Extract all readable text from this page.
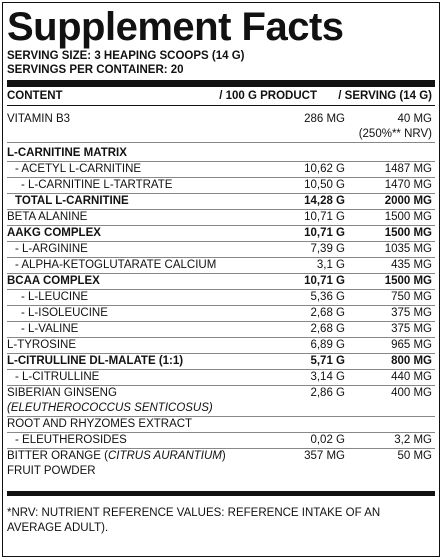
Supplement Facts
SERVING SIZE: 3 HEAPING SCOOPS (14 G)
SERVINGS PER CONTAINER: 20
CONTENT	/ 100 G PRODUCT	/ SERVING (14 G)
VITAMIN B3	286 MG	40 MG
(250%** NRV)
L-CARNITINE MATRIX
- ACETYL L-CARNITINE	10,62 G	1487 MG
- L-CARNITINE L-TARTRATE	10,50 G	1470 MG
TOTAL L-CARNITINE	14,28 G	2000 MG
BETA ALANINE	10,71 G	1500 MG
AAKG COMPLEX	10,71 G	1500 MG
- L-ARGININE	7,39 G	1035 MG
- ALPHA-KETOGLUTARATE CALCIUM	3,1 G	435 MG
BCAA COMPLEX	10,71 G	1500 MG
- L-LEUCINE	5,36 G	750 MG
- L-ISOLEUCINE	2,68 G	375 MG
- L-VALINE	2,68 G	375 MG
L-TYROSINE	6,89 G	965 MG
L-CITRULLINE DL-MALATE (1:1)	5,71 G	800 MG
- L-CITRULLINE	3,14 G	440 MG
SIBERIAN GINSENG	2,86 G	400 MG
(ELEUTHEROCOCCUS SENTICOSUS)
ROOT AND RHYZOMES EXTRACT
- ELEUTHEROSIDES	0,02 G	3,2 MG
BITTER ORANGE (CITRUS AURANTIUM)	357 MG	50 MG
FRUIT POWDER
*NRV: NUTRIENT REFERENCE VALUES: REFERENCE INTAKE OF AN AVERAGE ADULT).
